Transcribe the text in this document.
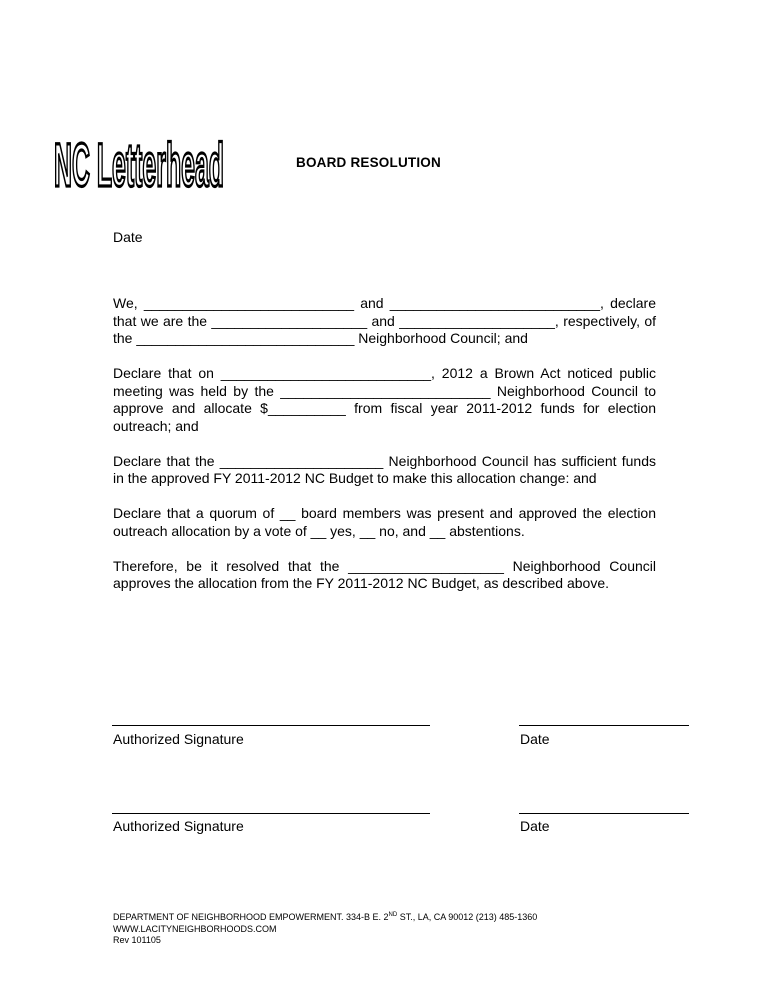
NC Letterhead	BOARD RESOLUTION
Date

We, ___________________________ and ___________________________, declare that we are the ____________________ and ____________________, respectively, of the ____________________________ Neighborhood Council; and

Declare that on ___________________________, 2012 a Brown Act noticed public meeting was held by the ___________________________ Neighborhood Council to approve and allocate $__________ from fiscal year 2011-2012 funds for election outreach; and

Declare that the _____________________ Neighborhood Council has sufficient funds in the approved FY 2011-2012 NC Budget to make this allocation change: and

Declare that a quorum of __ board members was present and approved the election outreach allocation by a vote of __ yes, __ no, and __ abstentions.

Therefore, be it resolved that the ____________________ Neighborhood Council approves the allocation from the FY 2011-2012 NC Budget, as described above.

Authorized Signature	Date
Authorized Signature	Date
DEPARTMENT OF NEIGHBORHOOD EMPOWERMENT. 334-B E. 2ND ST., LA, CA 90012 (213) 485-1360
WWW.LACITYNEIGHBORHOODS.COM
Rev 101105
